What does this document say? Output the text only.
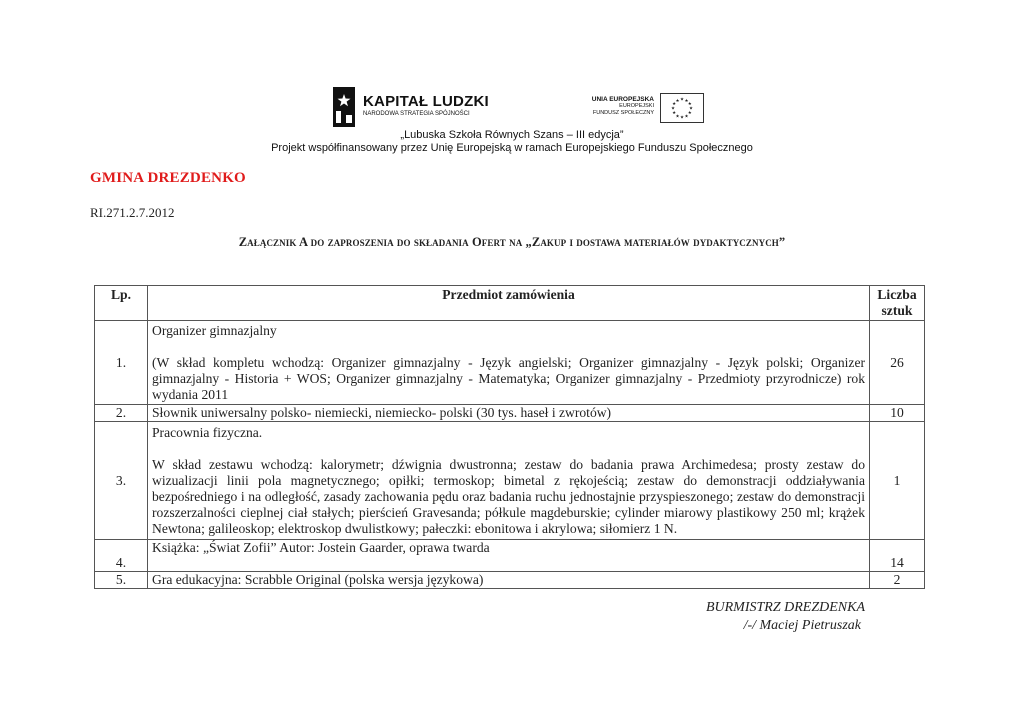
KAPITAŁ LUDZKI
NARODOWA STRATEGIA SPÓJNOŚCI
UNIA EUROPEJSKA
EUROPEJSKI
FUNDUSZ SPOŁECZNY
★ ★
★
★
★
★
★
★
★
★
★
★
„Lubuska Szkoła Równych Szans – III edycja”
Projekt współfinansowany przez Unię Europejską w ramach Europejskiego Funduszu Społecznego
GMINA DREZDENKO
RI.271.2.7.2012
Załącznik A do zaproszenia do składania Ofert na „Zakup i dostawa materiałów dydaktycznych”
Lp.	Przedmiot zamówienia	Liczba
sztuk
1.	Organizer gimnazjalny
(W skład kompletu wchodzą: Organizer gimnazjalny - Język angielski; Organizer gimnazjalny - Język polski; Organizer gimnazjalny - Historia + WOS; Organizer gimnazjalny - Matematyka; Organizer gimnazjalny - Przedmioty przyrodnicze) rok wydania 2011	26
2.	Słownik uniwersalny polsko- niemiecki, niemiecko- polski (30 tys. haseł i zwrotów)	10
3.	Pracownia fizyczna.
W skład zestawu wchodzą: kalorymetr; dźwignia dwustronna; zestaw do badania prawa Archimedesa; prosty zestaw do wizualizacji linii pola magnetycznego; opiłki; termoskop; bimetal z rękojeścią; zestaw do demonstracji oddziaływania bezpośredniego i na odległość, zasady zachowania pędu oraz badania ruchu jednostajnie przyspieszonego; zestaw do demonstracji rozszerzalności cieplnej ciał stałych; pierścień Gravesanda; półkule magdeburskie; cylinder miarowy plastikowy 250 ml; krążek Newtona; galileoskop; elektroskop dwulistkowy; pałeczki: ebonitowa i akrylowa; siłomierz 1 N.	1
4.	Książka: „Świat Zofii” Autor: Jostein Gaarder, oprawa twarda	14
5.	Gra edukacyjna: Scrabble Original (polska wersja językowa)	2
BURMISTRZ DREZDENKA
/-/ Maciej Pietruszak
